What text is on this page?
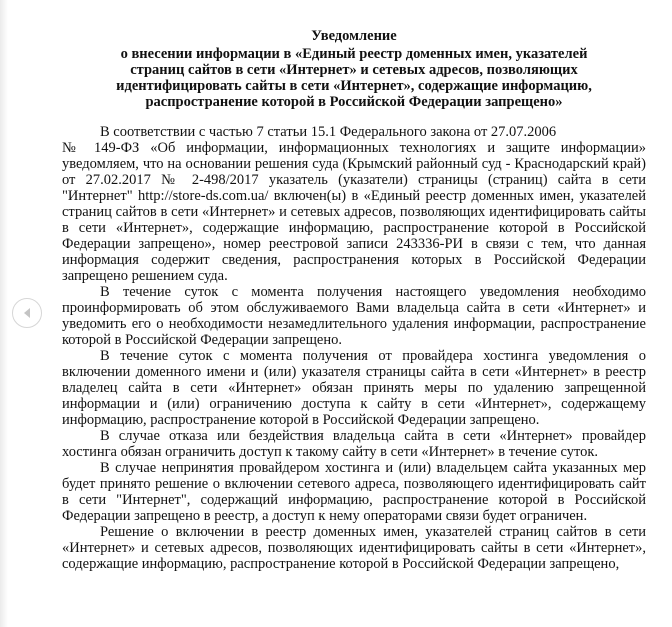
Уведомление
о внесении информации в «Единый реестр доменных имен, указателей
страниц сайтов в сети «Интернет» и сетевых адресов, позволяющих
идентифицировать сайты в сети «Интернет», содержащие информацию,
распространение которой в Российской Федерации запрещено»

В соответствии с частью 7 статьи 15.1 Федерального закона от 27.07.2006
№ 149-ФЗ «Об информации, информационных технологиях и защите информации» уведомляем, что на основании решения суда (Крымский районный суд - Краснодарский край) от 27.02.2017 № 2-498/2017 указатель (указатели) страницы (страниц) сайта в сети "Интернет" http://store-ds.com.ua/ включен(ы) в «Единый реестр доменных имен, указателей страниц сайтов в сети «Интернет» и сетевых адресов, позволяющих идентифицировать сайты в сети «Интернет», содержащие информацию, распространение которой в Российской Федерации запрещено», номер реестровой записи 243336-РИ в связи с тем, что данная информация содержит сведения, распространения которых в Российской Федерации запрещено решением суда.

В течение суток с момента получения настоящего уведомления необходимо проинформировать об этом обслуживаемого Вами владельца сайта в сети «Интернет» и уведомить его о необходимости незамедлительного удаления информации, распространение которой в Российской Федерации запрещено.

В течение суток с момента получения от провайдера хостинга уведомления о включении доменного имени и (или) указателя страницы сайта в сети «Интернет» в реестр владелец сайта в сети «Интернет» обязан принять меры по удалению запрещенной информации и (или) ограничению доступа к сайту в сети «Интернет», содержащему информацию, распространение которой в Российской Федерации запрещено.

В случае отказа или бездействия владельца сайта в сети «Интернет» провайдер хостинга обязан ограничить доступ к такому сайту в сети «Интернет» в течение суток.

В случае непринятия провайдером хостинга и (или) владельцем сайта указанных мер будет принято решение о включении сетевого адреса, позволяющего идентифицировать сайт в сети "Интернет", содержащий информацию, распространение которой в Российской Федерации запрещено в реестр, а доступ к нему операторами связи будет ограничен.

Решение о включении в реестр доменных имен, указателей страниц сайтов в сети «Интернет» и сетевых адресов, позволяющих идентифицировать сайты в сети «Интернет», содержащие информацию, распространение которой в Российской Федерации запрещено,
